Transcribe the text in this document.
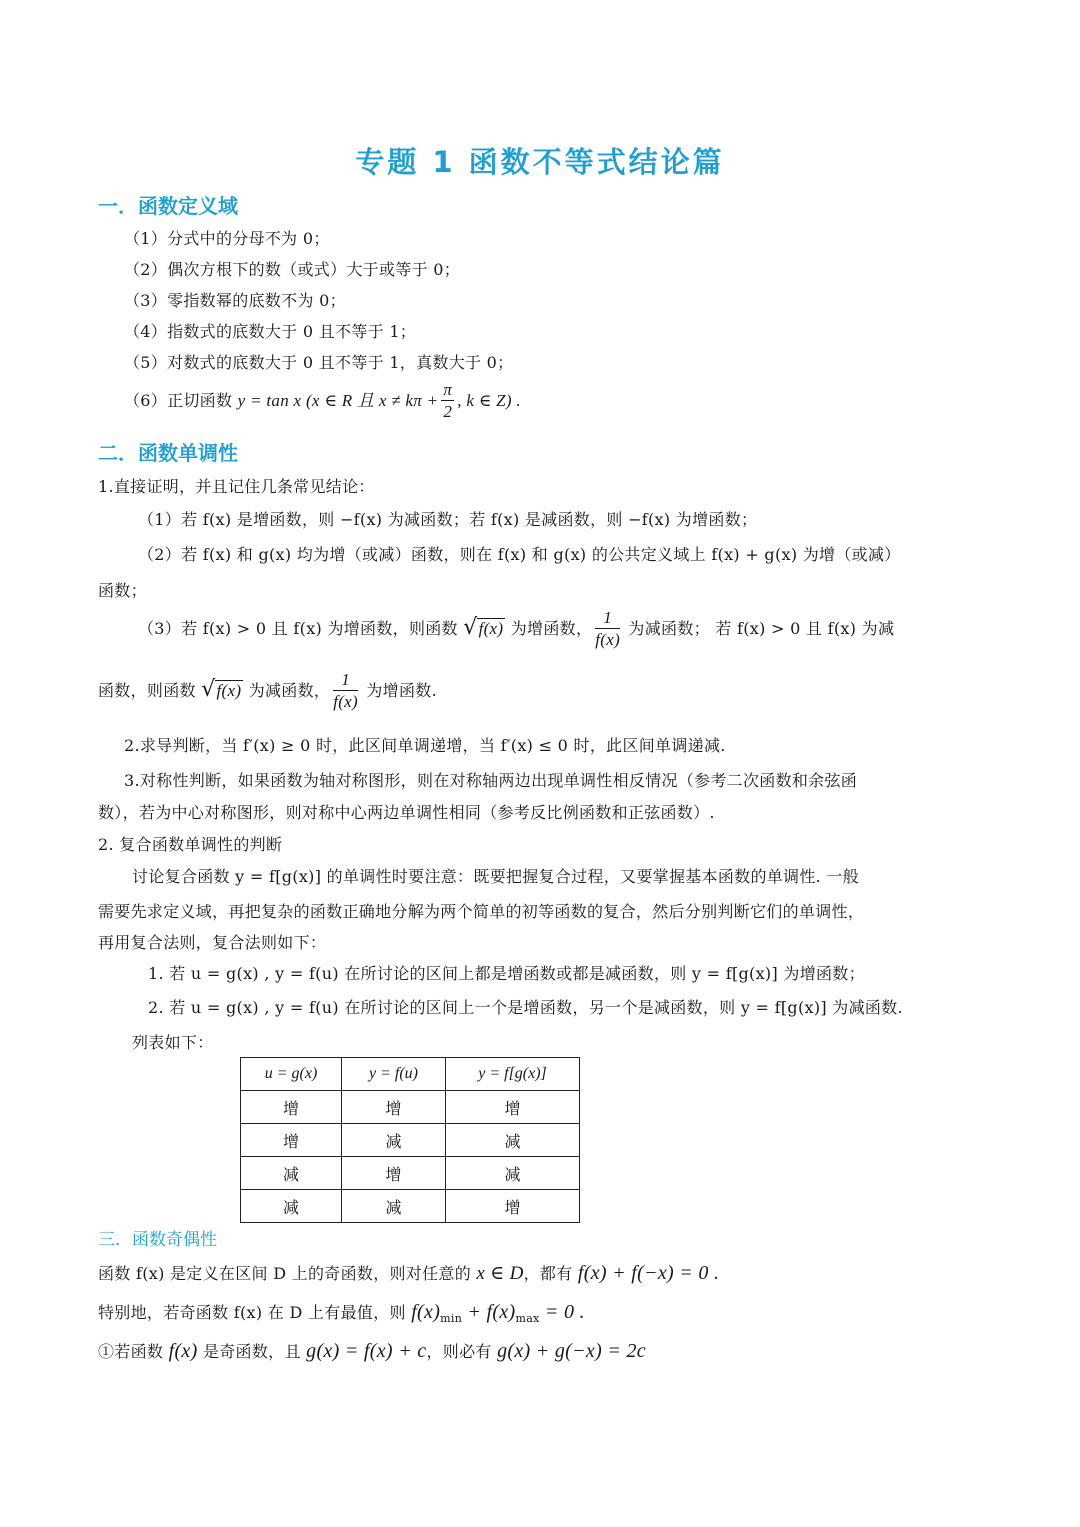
专题 1 函数不等式结论篇
一．函数定义域
（1）分式中的分母不为 0；
（2）偶次方根下的数（或式）大于或等于 0；
（3）零指数幂的底数不为 0；
（4）指数式的底数大于 0 且不等于 1；
（5）对数式的底数大于 0 且不等于 1，真数大于 0；
（6）正切函数 y = tan x (x ∈ R 且 $x \ne k\pi + \frac{\pi}{2}$ , k ∈ Z) .
二．函数单调性
1.直接证明，并且记住几条常见结论：
（1）若 f(x) 是增函数，则 −f(x) 为减函数；若 f(x) 是减函数，则 −f(x) 为增函数；
（2）若 f(x) 和 g(x) 均为增（或减）函数，则在 f(x) 和 g(x) 的公共定义域上 f(x) + g(x) 为增（或减）
函数；
（3）若 f(x) > 0 且 f(x) 为增函数，则函数 √f(x) 为增函数， $\frac{1}{f(x)}$ 为减函数； 若 f(x) > 0 且 f(x) 为减
函数，则函数 √f(x) 为减函数， $\frac{1}{f(x)}$ 为增函数.
2.求导判断，当 f′(x) ≥ 0 时，此区间单调递增，当 f′(x) ≤ 0 时，此区间单调递减.
3.对称性判断，如果函数为轴对称图形，则在对称轴两边出现单调性相反情况（参考二次函数和余弦函
数），若为中心对称图形，则对称中心两边单调性相同（参考反比例函数和正弦函数）.
2. 复合函数单调性的判断
讨论复合函数 y = f[g(x)] 的单调性时要注意：既要把握复合过程，又要掌握基本函数的单调性. 一般
需要先求定义域，再把复杂的函数正确地分解为两个简单的初等函数的复合，然后分别判断它们的单调性，
再用复合法则，复合法则如下：
1. 若 u = g(x) , y = f(u) 在所讨论的区间上都是增函数或都是减函数，则 y = f[g(x)] 为增函数；
2. 若 u = g(x) , y = f(u) 在所讨论的区间上一个是增函数，另一个是减函数，则 y = f[g(x)] 为减函数.
列表如下：
u = g(x)	y = f(u)	y = f[g(x)]
增	增	增
增	减	减
减	增	减
减	减	增
三．函数奇偶性
函数 f(x) 是定义在区间 D 上的奇函数，则对任意的 x ∈ D，都有 f(x) + f(−x) = 0 .
特别地，若奇函数 f(x) 在 D 上有最值，则 $f(x)_{min} + f(x)_{max} = 0$ .
①若函数 f(x) 是奇函数，且 g(x) = f(x) + c，则必有 g(x) + g(−x) = 2c
